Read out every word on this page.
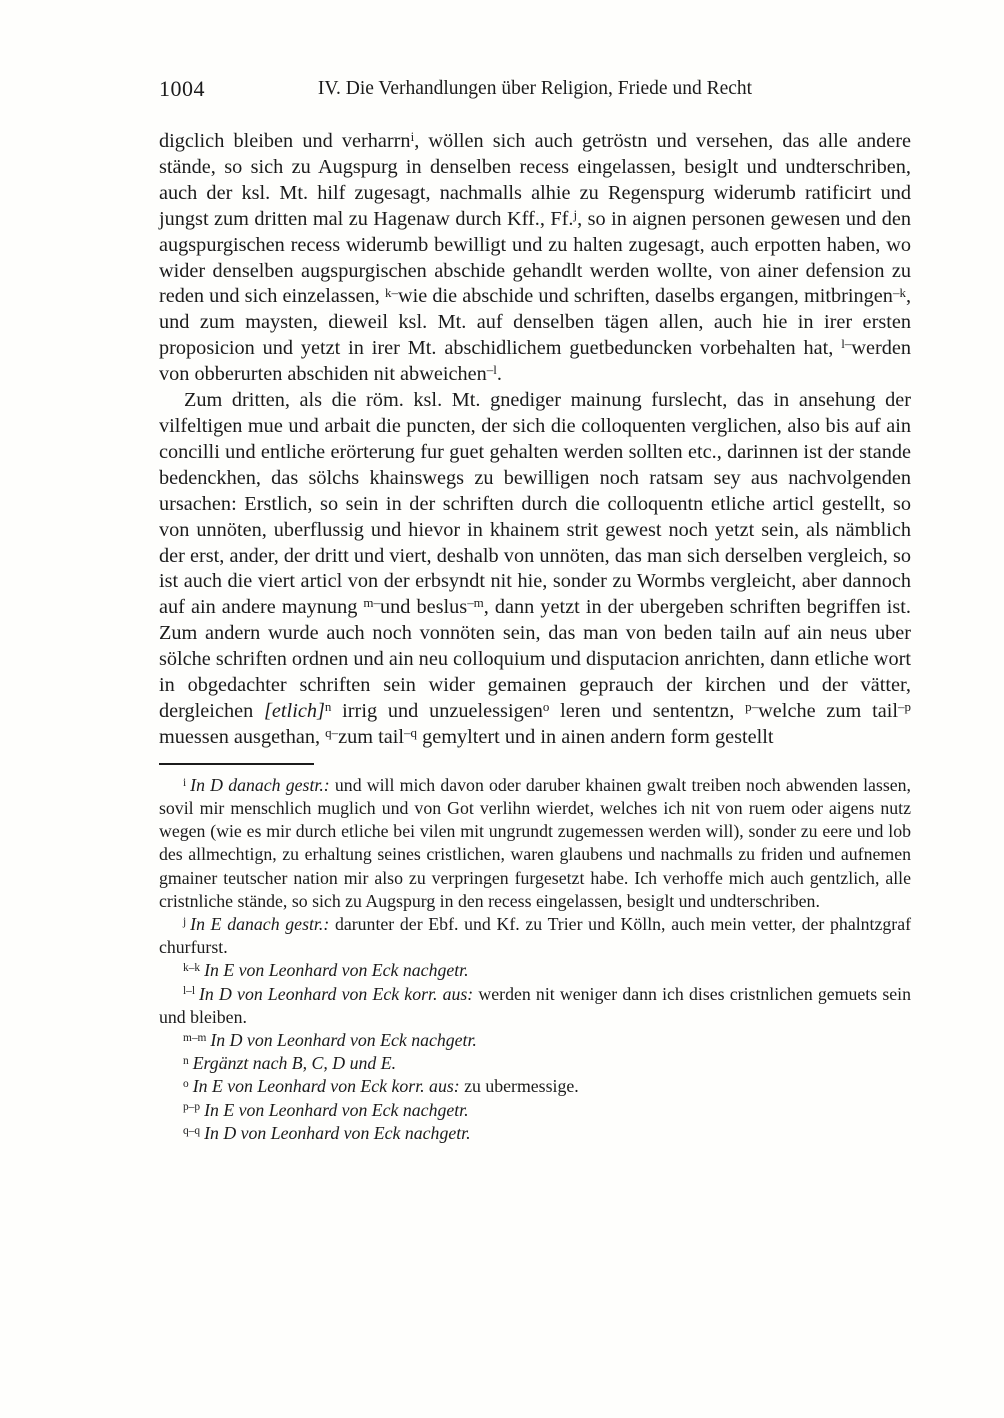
1004	IV. Die Verhandlungen über Religion, Friede und Recht

digclich bleiben und verharrn$^i$, wöllen sich auch getröstn und versehen, das alle andere stände, so sich zu Augspurg in denselben recess eingelassen, besiglt und undterschriben, auch der ksl. Mt. hilf zugesagt, nachmalls alhie zu Regenspurg widerumb ratificirt und jungst zum dritten mal zu Hagenaw durch Kff., Ff.$^j$, so in aignen personen gewesen und den augspurgischen recess widerumb bewilligt und zu halten zugesagt, auch erpotten haben, wo wider denselben augspurgischen abschide gehandlt werden wollte, von ainer defension zu reden und sich einzelassen, $^{k-}$wie die abschide und schriften, daselbs ergangen, mitbringen$^{-k}$, und zum maysten, dieweil ksl. Mt. auf denselben tägen allen, auch hie in irer ersten proposicion und yetzt in irer Mt. abschidlichem guetbeduncken vorbehalten hat, $^{l-}$werden von obberurten abschiden nit abweichen$^{-l}$.

Zum dritten, als die röm. ksl. Mt. gnediger mainung furslecht, das in ansehung der vilfeltigen mue und arbait die puncten, der sich die colloquenten verglichen, also bis auf ain concilli und entliche erörterung fur guet gehalten werden sollten etc., darinnen ist der stande bedenckhen, das sölchs khainswegs zu bewilligen noch ratsam sey aus nachvolgenden ursachen: Erstlich, so sein in der schriften durch die colloquentn etliche articl gestellt, so von unnöten, uberflussig und hievor in khainem strit gewest noch yetzt sein, als nämblich der erst, ander, der dritt und viert, deshalb von unnöten, das man sich derselben vergleich, so ist auch die viert articl von der erbsyndt nit hie, sonder zu Wormbs vergleicht, aber dannoch auf ain andere maynung $^{m-}$und beslus$^{-m}$, dann yetzt in der ubergeben schriften begriffen ist. Zum andern wurde auch noch vonnöten sein, das man von beden tailn auf ain neus uber sölche schriften ordnen und ain neu colloquium und disputacion anrichten, dann etliche wort in obgedachter schriften sein wider gemainen geprauch der kirchen und der vätter, dergleichen [etlich]$^n$ irrig und unzuelessigen$^o$ leren und sententzn, $^{p-}$welche zum tail$^{-p}$ muessen ausgethan, $^{q-}$zum tail$^{-q}$ gemyltert und in ainen andern form gestellt

$^i$ In D danach gestr.: und will mich davon oder daruber khainen gwalt treiben noch abwenden lassen, sovil mir menschlich muglich und von Got verlihn wierdet, welches ich nit von ruem oder aigens nutz wegen (wie es mir durch etliche bei vilen mit ungrundt zugemessen werden will), sonder zu eere und lob des allmechtign, zu erhaltung seines cristlichen, waren glaubens und nachmalls zu friden und aufnemen gmainer teutscher nation mir also zu verpringen furgesetzt habe. Ich verhoffe mich auch gentzlich, alle cristnliche stände, so sich zu Augspurg in den recess eingelassen, besiglt und undterschriben.

$^j$ In E danach gestr.: darunter der Ebf. und Kf. zu Trier und Kölln, auch mein vetter, der phalntzgraf churfurst.

$^{k-k}$ In E von Leonhard von Eck nachgetr.

$^{l-l}$ In D von Leonhard von Eck korr. aus: werden nit weniger dann ich dises cristnlichen gemuets sein und bleiben.

$^{m-m}$ In D von Leonhard von Eck nachgetr.

$^n$ Ergänzt nach B, C, D und E.

$^o$ In E von Leonhard von Eck korr. aus: zu ubermessige.

$^{p-p}$ In E von Leonhard von Eck nachgetr.

$^{q-q}$ In D von Leonhard von Eck nachgetr.
